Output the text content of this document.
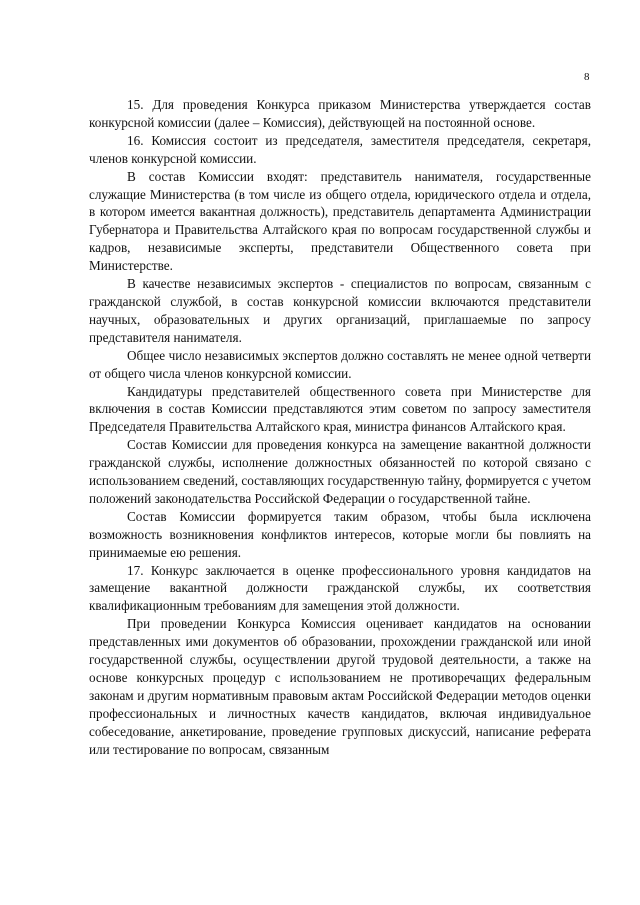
8

15. Для проведения Конкурса приказом Министерства утверждается состав конкурсной комиссии (далее – Комиссия), действующей на постоянной основе.

16. Комиссия состоит из председателя, заместителя председателя, секретаря, членов конкурсной комиссии.

В состав Комиссии входят: представитель нанимателя, государственные служащие Министерства (в том числе из общего отдела, юридического отдела и отдела, в котором имеется вакантная должность), представитель департамента Администрации Губернатора и Правительства Алтайского края по вопросам государственной службы и кадров, независимые эксперты, представители Общественного совета при Министерстве.

В качестве независимых экспертов - специалистов по вопросам, связанным с гражданской службой, в состав конкурсной комиссии включаются представители научных, образовательных и других организаций, приглашаемые по запросу представителя нанимателя.

Общее число независимых экспертов должно составлять не менее одной четверти от общего числа членов конкурсной комиссии.

Кандидатуры представителей общественного совета при Министерстве для включения в состав Комиссии представляются этим советом по запросу заместителя Председателя Правительства Алтайского края, министра финансов Алтайского края.

Состав Комиссии для проведения конкурса на замещение вакантной должности гражданской службы, исполнение должностных обязанностей по которой связано с использованием сведений, составляющих государственную тайну, формируется с учетом положений законодательства Российской Федерации о государственной тайне.

Состав Комиссии формируется таким образом, чтобы была исключена возможность возникновения конфликтов интересов, которые могли бы повлиять на принимаемые ею решения.

17. Конкурс заключается в оценке профессионального уровня кандидатов на замещение вакантной должности гражданской службы, их соответствия квалификационным требованиям для замещения этой должности.

При проведении Конкурса Комиссия оценивает кандидатов на основании представленных ими документов об образовании, прохождении гражданской или иной государственной службы, осуществлении другой трудовой деятельности, а также на основе конкурсных процедур с использованием не противоречащих федеральным законам и другим нормативным правовым актам Российской Федерации методов оценки профессиональных и личностных качеств кандидатов, включая индивидуальное собеседование, анкетирование, проведение групповых дискуссий, написание реферата или тестирование по вопросам, связанным
